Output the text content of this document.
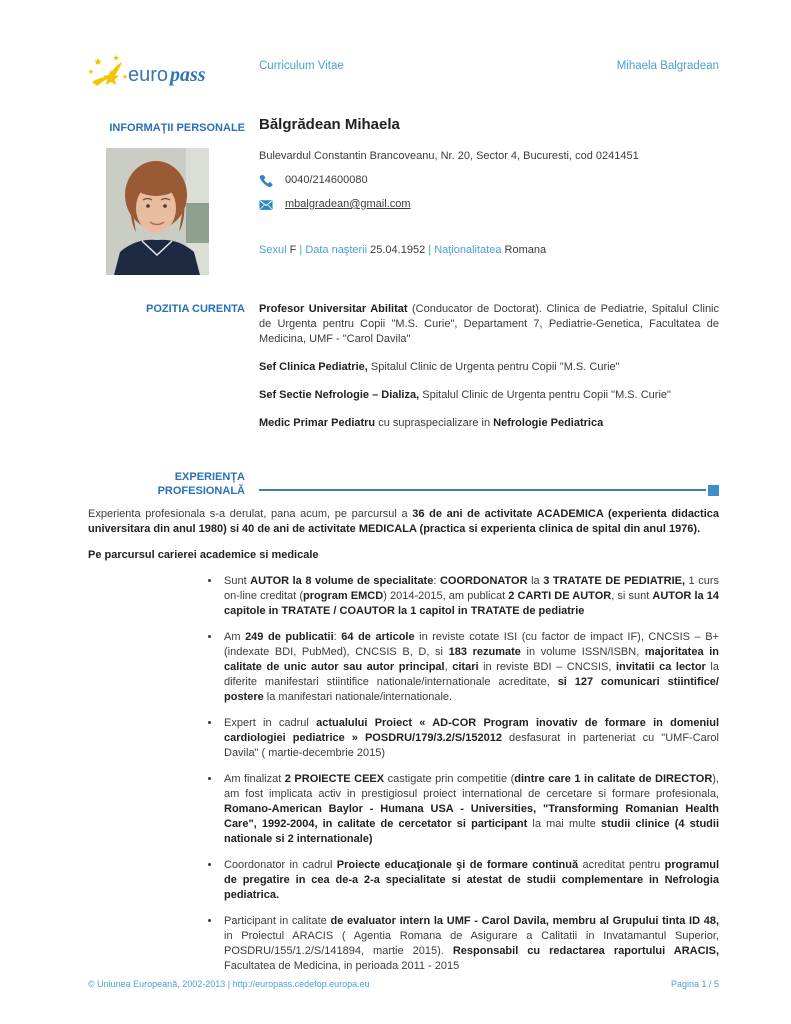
euro pass	Curriculum Vitae	Mihaela Balgradean
INFORMAŢII PERSONALE Bălgrădean Mihaela
Bulevardul Constantin Brancoveanu, Nr. 20, Sector 4, Bucuresti, cod 0241451
0040/214600080
mbalgradean@gmail.com
Sexul F | Data naşterii 25.04.1952 | Naţionalitatea Romana
POZITIA CURENTA Profesor Universitar Abilitat (Conducator de Doctorat). Clinica de Pediatrie, Spitalul Clinic de Urgenta pentru Copii "M.S. Curie", Departament 7, Pediatrie-Genetica, Facultatea de Medicina, UMF - "Carol Davila"

Sef Clinica Pediatrie, Spitalul Clinic de Urgenta pentru Copii "M.S. Curie"

Sef Sectie Nefrologie – Dializa, Spitalul Clinic de Urgenta pentru Copii "M.S. Curie"

Medic Primar Pediatru cu supraspecializare in Nefrologie Pediatrica

EXPERIENŢA
PROFESIONALĂ

Experienta profesionala s-a derulat, pana acum, pe parcursul a 36 de ani de activitate ACADEMICA (experienta didactica universitara din anul 1980) si 40 de ani de activitate MEDICALA (practica si experienta clinica de spital din anul 1976).

Pe parcursul carierei academice si medicale
• Sunt AUTOR la 8 volume de specialitate: COORDONATOR la 3 TRATATE DE PEDIATRIE, 1 curs on-line creditat (program EMCD) 2014-2015, am publicat 2 CARTI DE AUTOR, si sunt AUTOR la 14 capitole in TRATATE / COAUTOR la 1 capitol in TRATATE de pediatrie
• Am 249 de publicatii: 64 de articole in reviste cotate ISI (cu factor de impact IF), CNCSIS – B+ (indexate BDI, PubMed), CNCSIS B, D, si 183 rezumate in volume ISSN/ISBN, majoritatea in calitate de unic autor sau autor principal, citari in reviste BDI – CNCSIS, invitatii ca lector la diferite manifestari stiintifice nationale/internationale acreditate, si 127 comunicari stiintifice/ postere la manifestari nationale/internationale.
• Expert in cadrul actualului Proiect « AD-COR Program inovativ de formare in domeniul cardiologiei pediatrice » POSDRU/179/3.2/S/152012 desfasurat in parteneriat cu "UMF-Carol Davila" ( martie-decembrie 2015)
• Am finalizat 2 PROIECTE CEEX castigate prin competitie (dintre care 1 in calitate de DIRECTOR), am fost implicata activ in prestigiosul proiect international de cercetare si formare profesionala, Romano-American Baylor - Humana USA - Universities, "Transforming Romanian Health Care", 1992-2004, in calitate de cercetator si participant la mai multe studii clinice (4 studii nationale si 2 internationale)
• Coordonator in cadrul Proiecte educaţionale şi de formare continuă acreditat pentru programul de pregatire in cea de-a 2-a specialitate si atestat de studii complementare in Nefrologia pediatrica.
• Participant in calitate de evaluator intern la UMF - Carol Davila, membru al Grupului tinta ID 48, in Proiectul ARACIS ( Agentia Romana de Asigurare a Calitatii in Invatamantul Superior, POSDRU/155/1.2/S/141894, martie 2015). Responsabil cu redactarea raportului ARACIS, Facultatea de Medicina, in perioada 2011 - 2015
© Uniunea Europeană, 2002-2013 | http://europass.cedefop.europa.eu	Pagina 1 / 5
